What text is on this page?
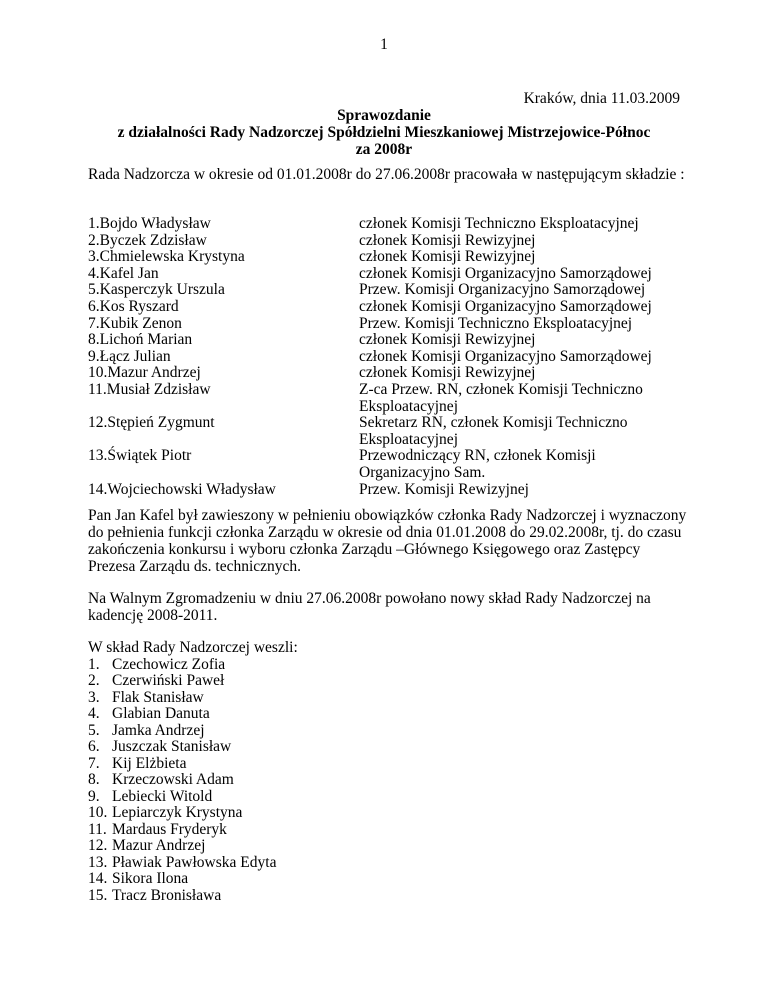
1
Kraków, dnia 11.03.2009
Sprawozdanie
z działalności Rady Nadzorczej Spółdzielni Mieszkaniowej Mistrzejowice-Północ
za 2008r
Rada Nadzorcza w okresie od 01.01.2008r do 27.06.2008r pracowała w następującym składzie :
1.Bojdo Władysław	członek Komisji Techniczno Eksploatacyjnej
2.Byczek Zdzisław	członek Komisji Rewizyjnej
3.Chmielewska Krystyna	członek Komisji Rewizyjnej
4.Kafel Jan	członek Komisji Organizacyjno Samorządowej
5.Kasperczyk Urszula	Przew. Komisji Organizacyjno Samorządowej
6.Kos Ryszard	członek Komisji Organizacyjno Samorządowej
7.Kubik Zenon	Przew. Komisji Techniczno Eksploatacyjnej
8.Lichoń Marian	członek Komisji Rewizyjnej
9.Łącz Julian	członek Komisji Organizacyjno Samorządowej
10.Mazur Andrzej	członek Komisji Rewizyjnej
11.Musiał Zdzisław	Z-ca Przew. RN, członek Komisji Techniczno Eksploatacyjnej
12.Stępień Zygmunt	Sekretarz RN, członek Komisji Techniczno Eksploatacyjnej
13.Świątek Piotr	Przewodniczący RN, członek Komisji Organizacyjno Sam.
14.Wojciechowski Władysław	Przew. Komisji Rewizyjnej
Pan Jan Kafel był zawieszony w pełnieniu obowiązków członka Rady Nadzorczej i wyznaczony do pełnienia funkcji członka Zarządu w okresie od dnia 01.01.2008 do 29.02.2008r, tj. do czasu zakończenia konkursu i wyboru członka Zarządu –Głównego Księgowego oraz Zastępcy Prezesa Zarządu ds. technicznych.
Na Walnym Zgromadzeniu w dniu 27.06.2008r powołano nowy skład Rady Nadzorczej na kadencję 2008-2011.
W skład Rady Nadzorczej weszli:
1. Czechowicz Zofia
2. Czerwiński Paweł
3. Flak Stanisław
4. Glabian Danuta
5. Jamka Andrzej
6. Juszczak Stanisław
7. Kij Elżbieta
8. Krzeczowski Adam
9. Lebiecki Witold
10. Lepiarczyk Krystyna
11. Mardaus Fryderyk
12. Mazur Andrzej
13. Pławiak Pawłowska Edyta
14. Sikora Ilona
15. Tracz Bronisława
